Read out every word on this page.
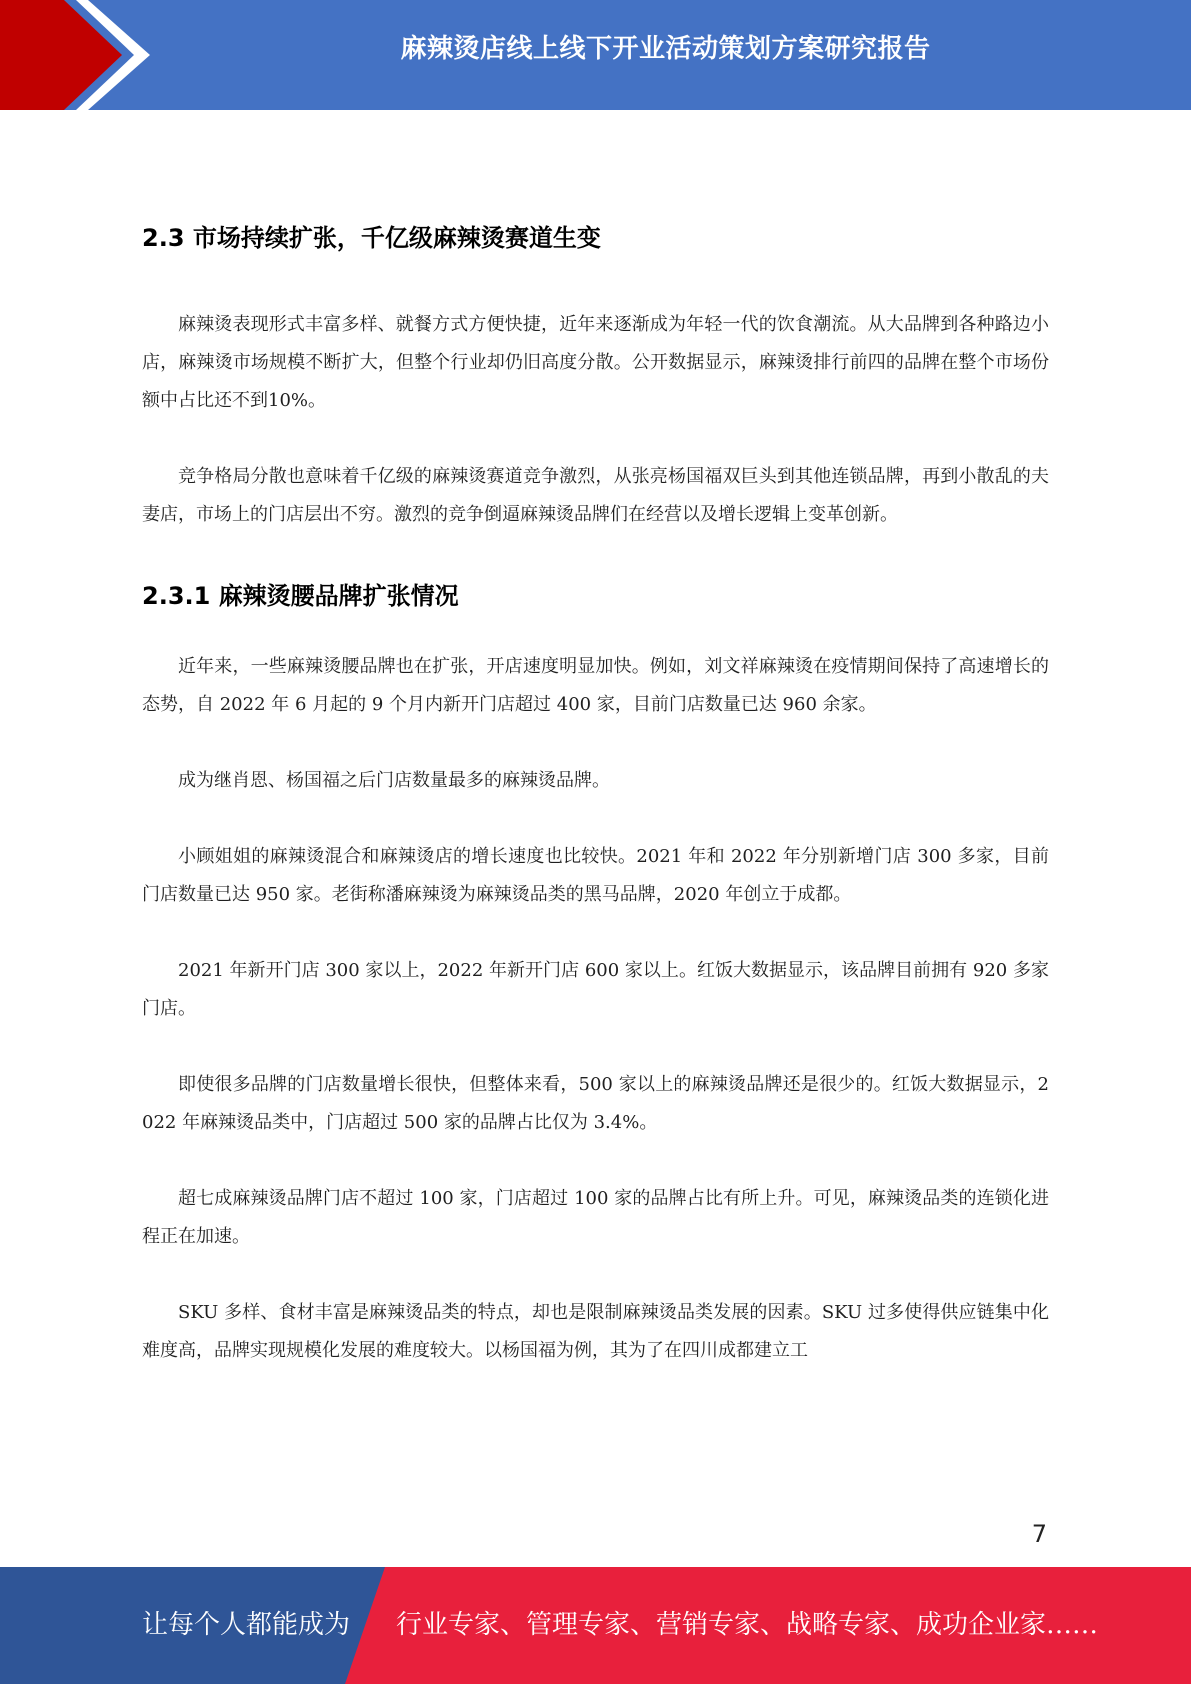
麻辣烫店线上线下开业活动策划方案研究报告
2.3 市场持续扩张，千亿级麻辣烫赛道生变

麻辣烫表现形式丰富多样、就餐方式方便快捷，近年来逐渐成为年轻一代的饮食潮流。从大品牌到各种路边小店，麻辣烫市场规模不断扩大，但整个行业却仍旧高度分散。公开数据显示，麻辣烫排行前四的品牌在整个市场份额中占比还不到10%。

竞争格局分散也意味着千亿级的麻辣烫赛道竞争激烈，从张亮杨国福双巨头到其他连锁品牌，再到小散乱的夫妻店，市场上的门店层出不穷。激烈的竞争倒逼麻辣烫品牌们在经营以及增长逻辑上变革创新。

2.3.1 麻辣烫腰品牌扩张情况

近年来，一些麻辣烫腰品牌也在扩张，开店速度明显加快。例如，刘文祥麻辣烫在疫情期间保持了高速增长的态势，自 2022 年 6 月起的 9 个月内新开门店超过 400 家，目前门店数量已达 960 余家。

成为继肖恩、杨国福之后门店数量最多的麻辣烫品牌。

小顾姐姐的麻辣烫混合和麻辣烫店的增长速度也比较快。2021 年和 2022 年分别新增门店 300 多家，目前门店数量已达 950 家。老街称潘麻辣烫为麻辣烫品类的黑马品牌，2020 年创立于成都。

2021 年新开门店 300 家以上，2022 年新开门店 600 家以上。红饭大数据显示，该品牌目前拥有 920 多家门店。

即使很多品牌的门店数量增长很快，但整体来看，500 家以上的麻辣烫品牌还是很少的。红饭大数据显示，2022 年麻辣烫品类中，门店超过 500 家的品牌占比仅为 3.4%。

超七成麻辣烫品牌门店不超过 100 家，门店超过 100 家的品牌占比有所上升。可见，麻辣烫品类的连锁化进程正在加速。

SKU 多样、食材丰富是麻辣烫品类的特点，却也是限制麻辣烫品类发展的因素。SKU 过多使得供应链集中化难度高，品牌实现规模化发展的难度较大。以杨国福为例，其为了在四川成都建立工

7
让每个人都能成为 行业专家、管理专家、营销专家、战略专家、成功企业家……
